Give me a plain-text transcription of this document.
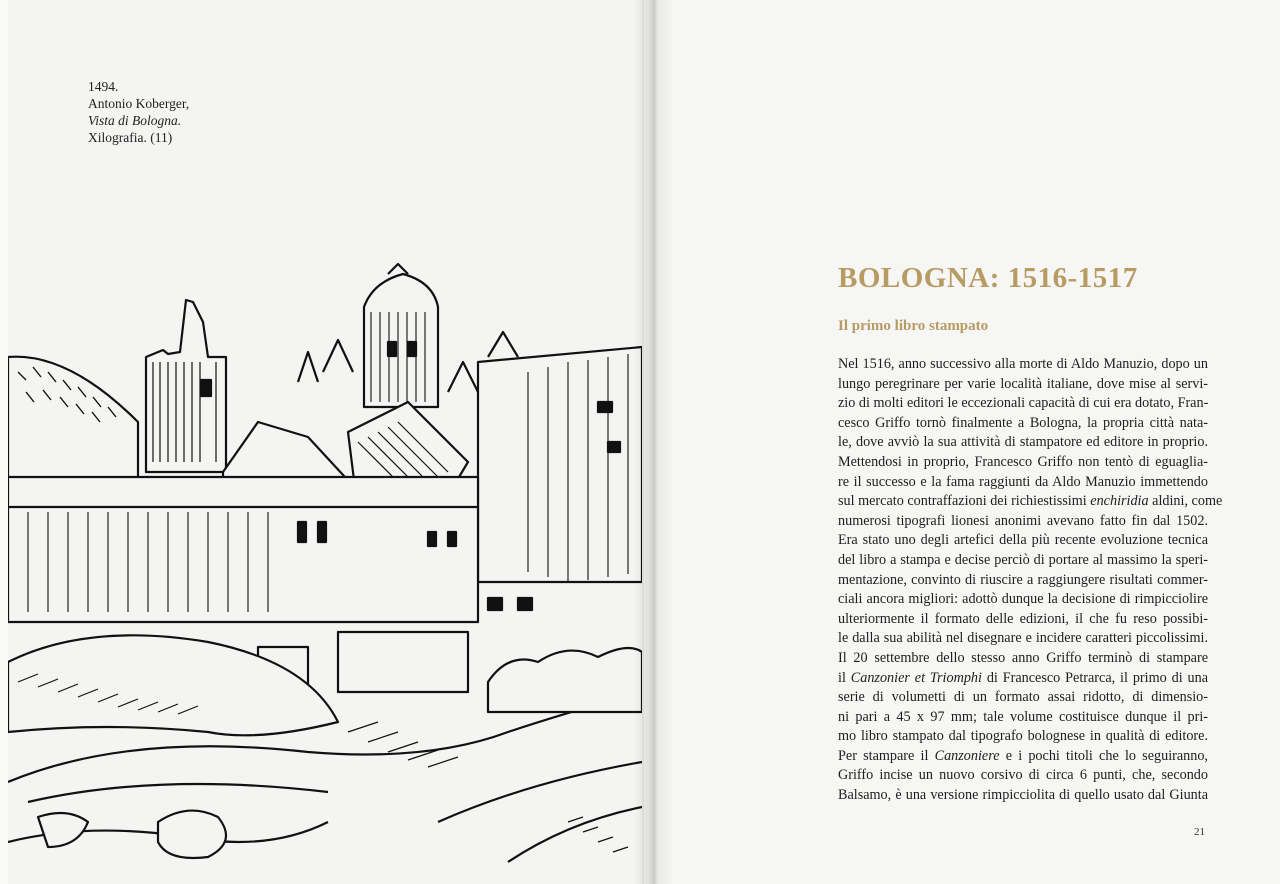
1494.
Antonio Koberger,
Vista di Bologna.
Xilografia. (11)
BOLOGNA: 1516-1517
Il primo libro stampato
Nel 1516, anno successivo alla morte di Aldo Manuzio, dopo un
lungo peregrinare per varie località italiane, dove mise al servi-
zio di molti editori le eccezionali capacità di cui era dotato, Fran-
cesco Griffo tornò finalmente a Bologna, la propria città nata-
le, dove avviò la sua attività di stampatore ed editore in proprio.
Mettendosi in proprio, Francesco Griffo non tentò di eguaglia-
re il successo e la fama raggiunti da Aldo Manuzio immettendo
sul mercato contraffazioni dei richiestissimi enchiridia aldini, come
numerosi tipografi lionesi anonimi avevano fatto fin dal 1502.
Era stato uno degli artefici della più recente evoluzione tecnica
del libro a stampa e decise perciò di portare al massimo la speri-
mentazione, convinto di riuscire a raggiungere risultati commer-
ciali ancora migliori: adottò dunque la decisione di rimpicciolire
ulteriormente il formato delle edizioni, il che fu reso possibi-
le dalla sua abilità nel disegnare e incidere caratteri piccolissimi.
Il 20 settembre dello stesso anno Griffo terminò di stampare
il Canzonier et Triomphi di Francesco Petrarca, il primo di una
serie di volumetti di un formato assai ridotto, di dimensio-
ni pari a 45 x 97 mm; tale volume costituisce dunque il pri-
mo libro stampato dal tipografo bolognese in qualità di editore.
Per stampare il Canzoniere e i pochi titoli che lo seguiranno,
Griffo incise un nuovo corsivo di circa 6 punti, che, secondo
Balsamo, è una versione rimpicciolita di quello usato dal Giunta
21
